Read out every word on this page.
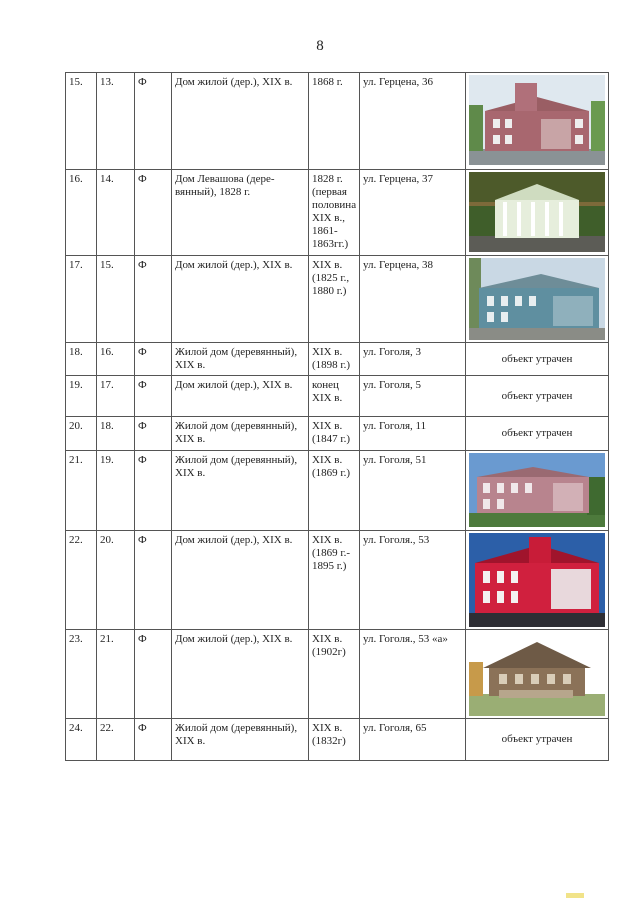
8
15.	13.	Ф	Дом жилой (дер.), XIX в.	1868 г.	ул. Герцена, 36	

16.	14.	Ф	Дом Левашова (дере-вянный), 1828 г.	1828 г. (первая половина XIX в., 1861-1863гг.)	ул. Герцена, 37	

17.	15.	Ф	Дом жилой (дер.), XIX в.	XIX в. (1825 г., 1880 г.)	ул. Герцена, 38	

18.	16.	Ф	Жилой дом (деревянный), XIX в.	XIX в. (1898 г.)	ул. Гоголя, 3	объект утрачен
19.	17.	Ф	Дом жилой (дер.), XIX в.	конец XIX в.	ул. Гоголя, 5	объект утрачен
20.	18.	Ф	Жилой дом (деревянный), XIX в.	XIX в. (1847 г.)	ул. Гоголя, 11	объект утрачен
21.	19.	Ф	Жилой дом (деревянный), XIX в.	XIX в. (1869 г.)	ул. Гоголя, 51	

22.	20.	Ф	Дом жилой (дер.), XIX в.	XIX в. (1869 г.- 1895 г.)	ул. Гоголя., 53	

23.	21.	Ф	Дом жилой (дер.), XIX в.	XIX в. (1902г)	ул. Гоголя., 53 «а»	

24.	22.	Ф	Жилой дом (деревянный), XIX в.	XIX в. (1832г)	ул. Гоголя, 65	объект утрачен
